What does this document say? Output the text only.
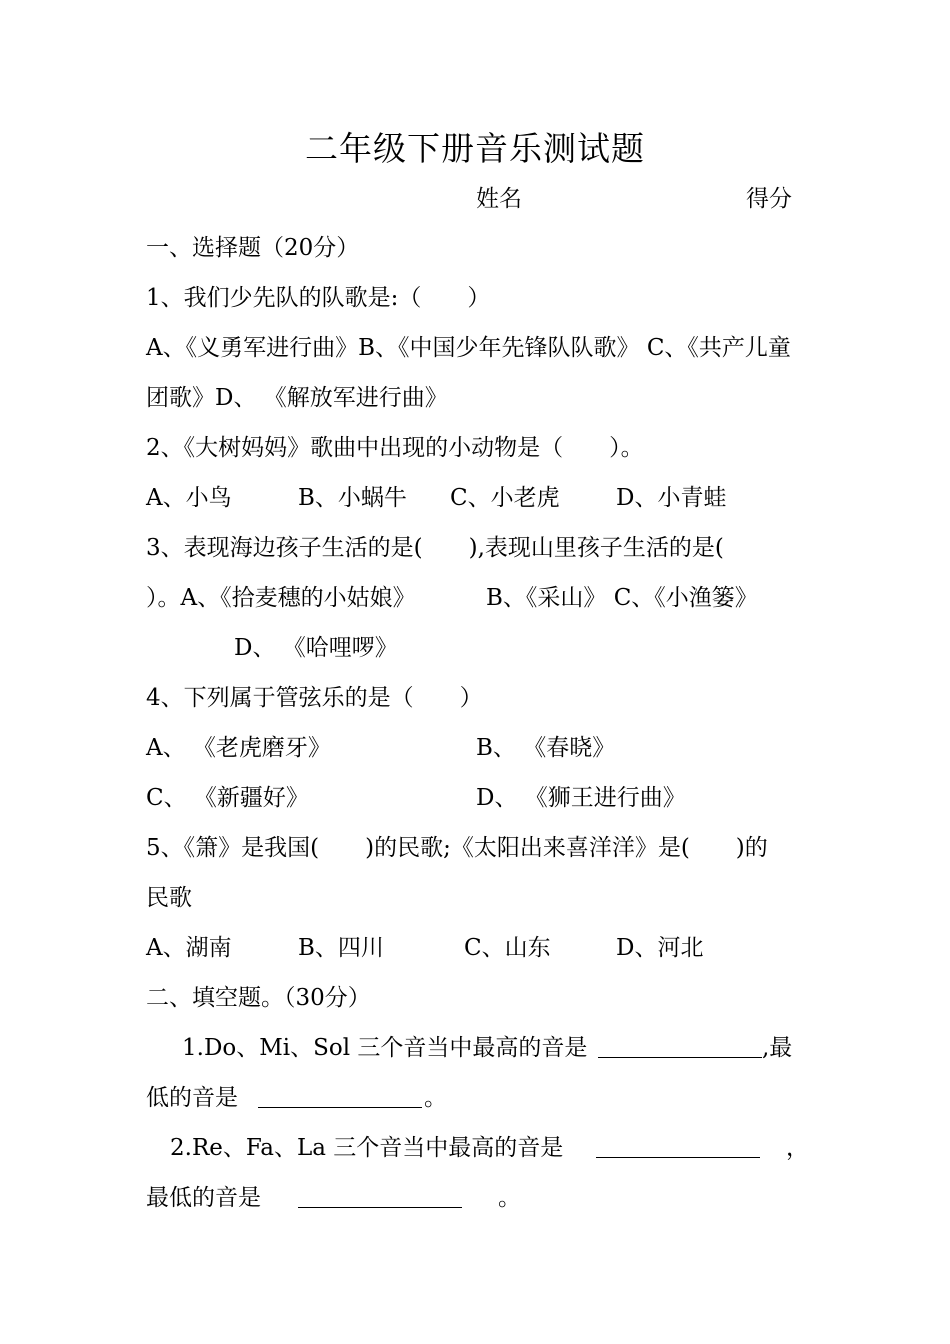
二年级下册音乐测试题
姓名	得分
一、选择题（20分）
1、我们少先队的队歌是:（　　）
A、《义勇军进行曲》B、《中国少年先锋队队歌》 C、《共产儿童
团歌》D、 《解放军进行曲》
2、《大树妈妈》歌曲中出现的小动物是（　　）。
A、小鸟	B、小蜗牛 C、小老虎 D、小青蛙
3、表现海边孩子生活的是(　　),表现山里孩子生活的是(
）。A、《拾麦穗的小姑娘》	B、《采山》 C、《小渔篓》
D、 《哈哩啰》
4、下列属于管弦乐的是（　　）
A、 《老虎磨牙》	B、 《春晓》
C、 《新疆好》	D、 《狮王进行曲》
5、《箫》是我国(　　)的民歌;《太阳出来喜洋洋》是(　　)的
民歌
A、湖南	B、四川	C、山东	D、河北
二、填空题。（30分）
1.Do、Mi、Sol 三个音当中最高的音是	,最
低的音是	。
2.Re、Fa、La 三个音当中最高的音是	，
最低的音是	。
